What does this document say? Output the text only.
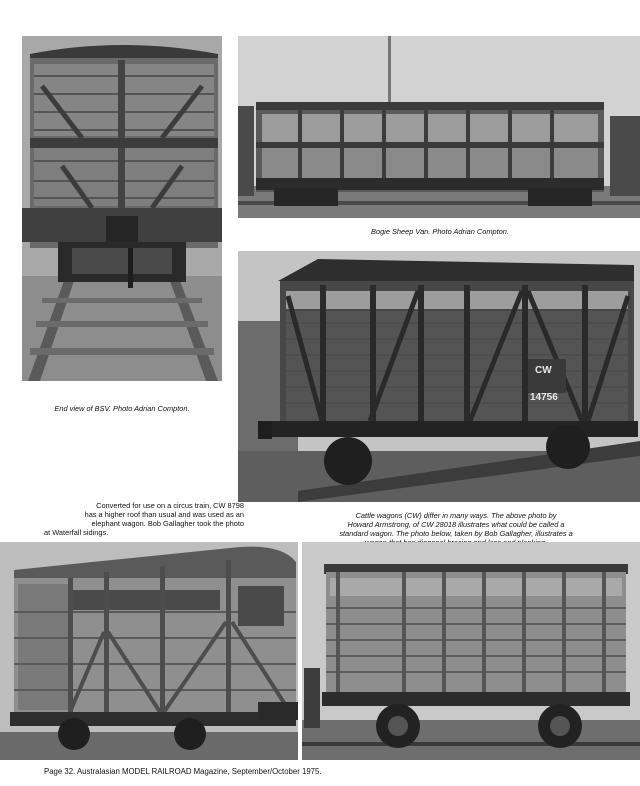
Bogie Sheep Van. Photo Adrian Compton.
CW
14756
End view of BSV. Photo Adrian Compton.
Converted for use on a circus train, CW 8798
has a higher roof than usual and was used as an
elephant wagon. Bob Gallagher took the photo
at Waterfall sidings.
Cattle wagons (CW) differ in many ways. The above photo by
Howard Armstrong, of CW 28018 illustrates what could be called a
standard wagon. The photo below, taken by Bob Gallagher, illustrates a
Page 32. Australasian MODEL RAILROAD Magazine, September/October 1975.
